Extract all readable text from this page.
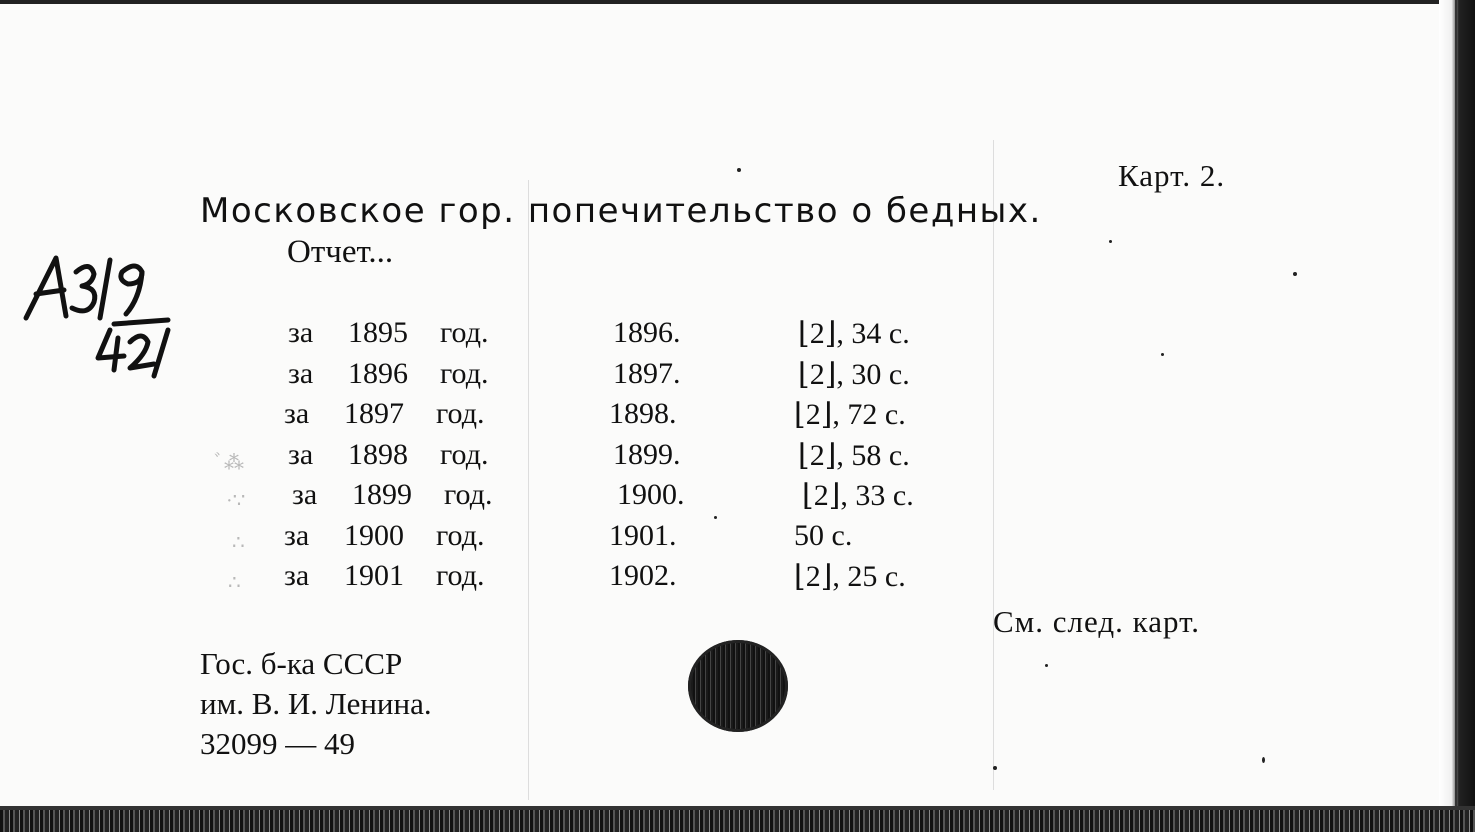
Карт. 2.
Московское гор. попечительство о бедных.
Отчет...
за 1895 год.	1896.	⌊2⌋, 34 с.
за 1896 год.	1897.	⌊2⌋, 30 с.
за 1897 год.	1898.	⌊2⌋, 72 с.
за 1898 год.	1899.	⌊2⌋, 58 с.
за 1899 год.	1900.	⌊2⌋, 33 с.
за 1900 год.	1901.	50 с.
за 1901 год.	1902.	⌊2⌋, 25 с.
См. след. карт.
Гос. б-ка СССР
им. В. И. Ленина.
32099 — 49
ﾞ⁂
·∵
∴
∴
